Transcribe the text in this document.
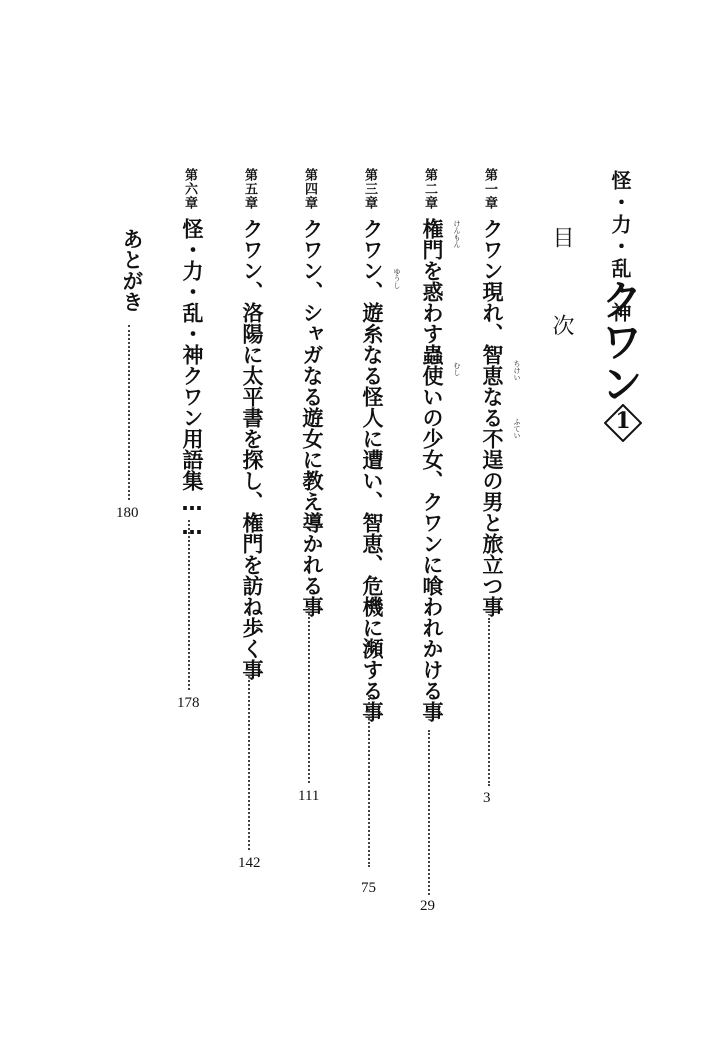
怪・力・乱・神
クワン
1
目　次
第一章
ちけい
ふてい
クワン現れ、智恵なる不逞の男と旅立つ事
3
第二章
けんもん
むし
権門を惑わす蟲使いの少女、クワンに喰われかける事
29
第三章
ゆうし
クワン、遊糸なる怪人に遭い、智恵、危機に瀕する事
75
第四章
クワン、シャガなる遊女に教え導かれる事
111
第五章
クワン、洛陽に太平書を探し、権門を訪ね歩く事
142
第六章
怪・力・乱・神クワン用語集……
178
あとがき
180
